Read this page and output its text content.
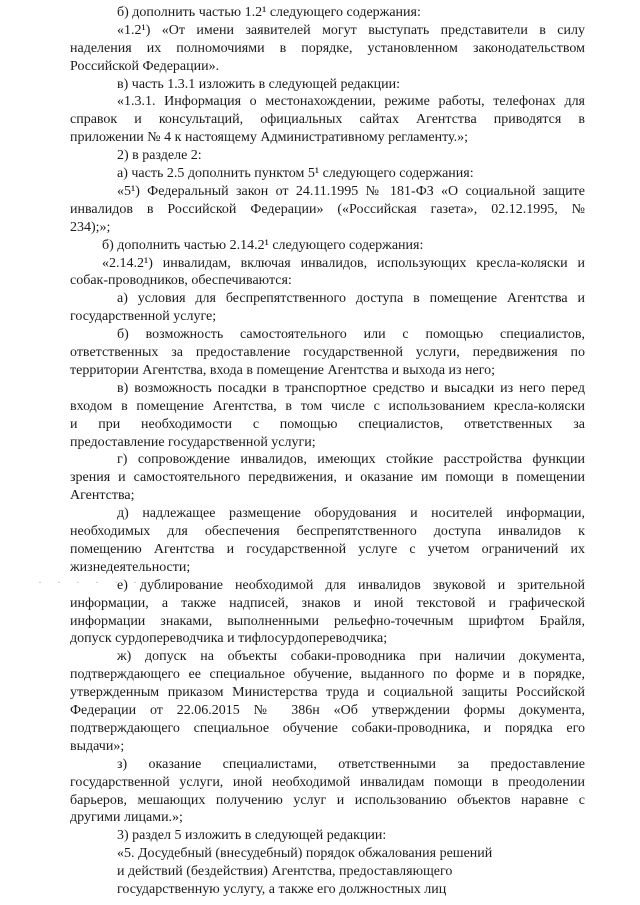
· · · · · ·

б) дополнить частью 1.2¹ следующего содержания:

«1.2¹) «От имени заявителей могут выступать представители в силу

наделения их полномочиями в порядке, установленном законодательством

Российской Федерации».

в) часть 1.3.1 изложить в следующей редакции:

«1.3.1. Информация о местонахождении, режиме работы, телефонах для

справок и консультаций, официальных сайтах Агентства приводятся в

приложении № 4 к настоящему Административному регламенту.»;

2) в разделе 2:

а) часть 2.5 дополнить пунктом 5¹ следующего содержания:

«5¹) Федеральный закон от 24.11.1995 № 181-ФЗ «О социальной защите

инвалидов в Российской Федерации» («Российская газета», 02.12.1995, №

234);»;

б) дополнить частью 2.14.2¹ следующего содержания:

«2.14.2¹) инвалидам, включая инвалидов, использующих кресла-коляски и

собак-проводников, обеспечиваются:

а) условия для беспрепятственного доступа в помещение Агентства и

государственной услуге;

б) возможность самостоятельного или с помощью специалистов,

ответственных за предоставление государственной услуги, передвижения по

территории Агентства, входа в помещение Агентства и выхода из него;

в) возможность посадки в транспортное средство и высадки из него перед

входом в помещение Агентства, в том числе с использованием кресла-коляски

и при необходимости с помощью специалистов, ответственных за

предоставление государственной услуги;

г) сопровождение инвалидов, имеющих стойкие расстройства функции

зрения и самостоятельного передвижения, и оказание им помощи в помещении

Агентства;

д) надлежащее размещение оборудования и носителей информации,

необходимых для обеспечения беспрепятственного доступа инвалидов к

помещению Агентства и государственной услуге с учетом ограничений их

жизнедеятельности;

е) дублирование необходимой для инвалидов звуковой и зрительной

информации, а также надписей, знаков и иной текстовой и графической

информации знаками, выполненными рельефно-точечным шрифтом Брайля,

допуск сурдопереводчика и тифлосурдопереводчика;

ж) допуск на объекты собаки-проводника при наличии документа,

подтверждающего ее специальное обучение, выданного по форме и в порядке,

утвержденным приказом Министерства труда и социальной защиты Российской

Федерации от 22.06.2015 № 386н «Об утверждении формы документа,

подтверждающего специальное обучение собаки-проводника, и порядка его

выдачи»;

з) оказание специалистами, ответственными за предоставление

государственной услуги, иной необходимой инвалидам помощи в преодолении

барьеров, мешающих получению услуг и использованию объектов наравне с

другими лицами.»;

3) раздел 5 изложить в следующей редакции:

«5. Досудебный (внесудебный) порядок обжалования решений

и действий (бездействия) Агентства, предоставляющего

государственную услугу, а также его должностных лиц
